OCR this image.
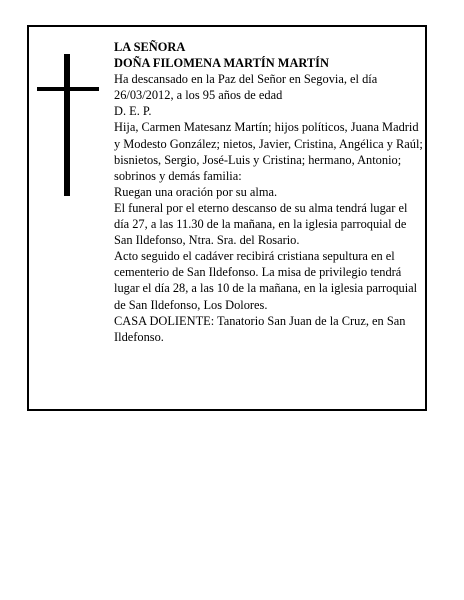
LA SEÑORA

DOÑA FILOMENA MARTÍN MARTÍN

Ha descansado en la Paz del Señor en Segovia, el día 26/03/2012, a los 95 años de edad

D. E. P.

Hija, Carmen Matesanz Martín; hijos políticos, Juana Madrid y Modesto González; nietos, Javier, Cristina, Angélica y Raúl; bisnietos, Sergio, José-Luis y Cristina; hermano, Antonio; sobrinos y demás familia:

Ruegan una oración por su alma.

El funeral por el eterno descanso de su alma tendrá lugar el día 27, a las 11.30 de la mañana, en la iglesia parroquial de San Ildefonso, Ntra. Sra. del Rosario.

Acto seguido el cadáver recibirá cristiana sepultura en el cementerio de San Ildefonso. La misa de privilegio tendrá lugar el día 28, a las 10 de la mañana, en la iglesia parroquial de San Ildefonso, Los Dolores.

CASA DOLIENTE: Tanatorio San Juan de la Cruz, en San Ildefonso.
